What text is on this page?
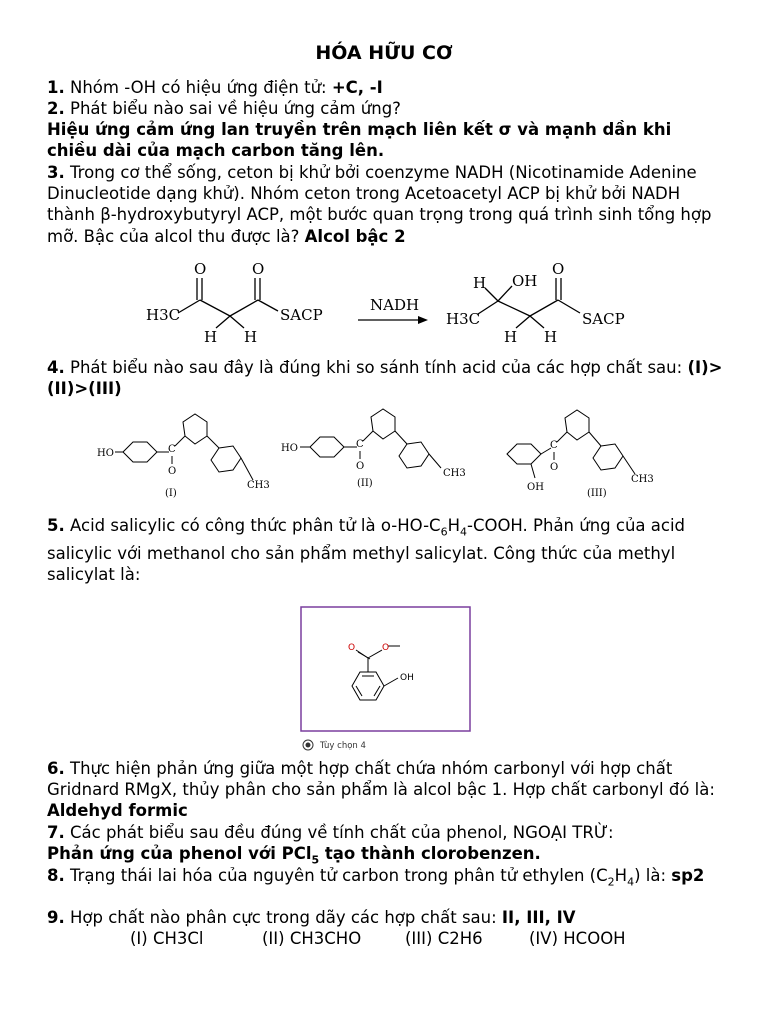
HÓA HỮU CƠ
1. Nhóm -OH có hiệu ứng điện tử: +C, -I
2. Phát biểu nào sai về hiệu ứng cảm ứng?
Hiệu ứng cảm ứng lan truyền trên mạch liên kết σ và mạnh dần khi chiều dài của mạch carbon tăng lên.
3. Trong cơ thể sống, ceton bị khử bởi coenzyme NADH (Nicotinamide Adenine Dinucleotide dạng khử). Nhóm ceton trong Acetoacetyl ACP bị khử bởi NADH thành β-hydroxybutyryl ACP, một bước quan trọng trong quá trình sinh tổng hợp mỡ. Bậc của alcol thu được là? Alcol bậc 2
H3C
O	O
H H
SACP
NADH
H3C
H OH
O
H H
SACP
4. Phát biểu nào sau đây là đúng khi so sánh tính acid của các hợp chất sau: (I)>(II)>(III)
HO	C
O
CH3
(I)
HO	C
O
CH3
(II)
C
O
OH
CH3
(III)
5. Acid salicylic có công thức phân tử là $o-HO-C_6H_4$-COOH. Phản ứng của acid salicylic với methanol cho sản phẩm methyl salicylat. Công thức của methyl salicylat là:
O	O
OH
Tùy chọn 4
6. Thực hiện phản ứng giữa một hợp chất chứa nhóm carbonyl với hợp chất Gridnard RMgX, thủy phân cho sản phẩm là alcol bậc 1. Hợp chất carbonyl đó là: Aldehyd formic
7. Các phát biểu sau đều đúng về tính chất của phenol, NGOẠI TRỪ:
Phản ứng của phenol với PCl$_5$ tạo thành clorobenzen.
8. Trạng thái lai hóa của nguyên tử carbon trong phân tử ethylen $(C_2H_4)$ là: sp2
9. Hợp chất nào phân cực trong dãy các hợp chất sau: II, III, IV
(I) CH3Cl	(II) CH3CHO	(III) C2H6	(IV) HCOOH
